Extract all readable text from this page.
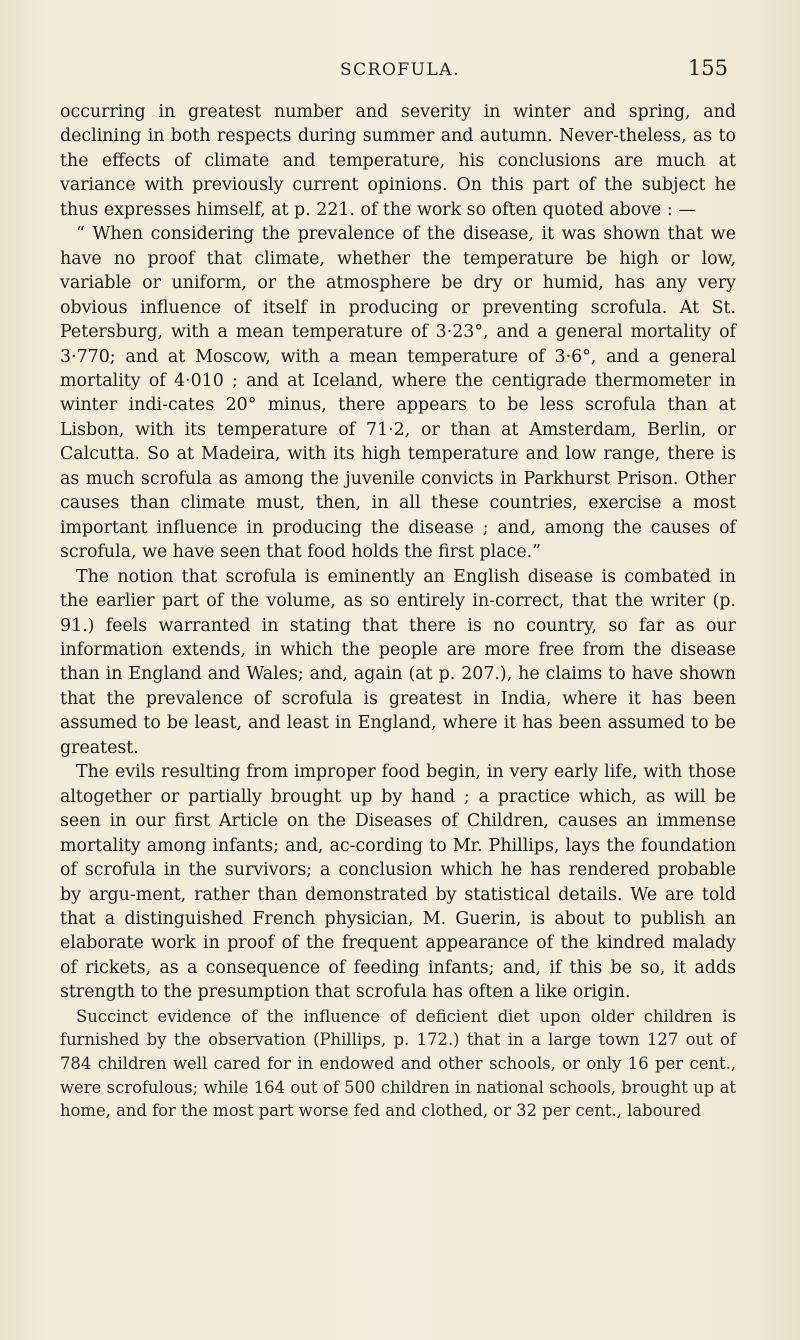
SCROFULA.	155

occurring in greatest number and severity in winter and spring, and declining in both respects during summer and autumn. Never-theless, as to the effects of climate and temperature, his conclusions are much at variance with previously current opinions. On this part of the subject he thus expresses himself, at p. 221. of the work so often quoted above : —

“ When considering the prevalence of the disease, it was shown that we have no proof that climate, whether the temperature be high or low, variable or uniform, or the atmosphere be dry or humid, has any very obvious influence of itself in producing or preventing scrofula. At St. Petersburg, with a mean temperature of 3·23°, and a general mortality of 3·770; and at Moscow, with a mean temperature of 3·6°, and a general mortality of 4·010 ; and at Iceland, where the centigrade thermometer in winter indi-cates 20° minus, there appears to be less scrofula than at Lisbon, with its temperature of 71·2, or than at Amsterdam, Berlin, or Calcutta. So at Madeira, with its high temperature and low range, there is as much scrofula as among the juvenile convicts in Parkhurst Prison. Other causes than climate must, then, in all these countries, exercise a most important influence in producing the disease ; and, among the causes of scrofula, we have seen that food holds the first place.”

The notion that scrofula is eminently an English disease is combated in the earlier part of the volume, as so entirely in-correct, that the writer (p. 91.) feels warranted in stating that there is no country, so far as our information extends, in which the people are more free from the disease than in England and Wales; and, again (at p. 207.), he claims to have shown that the prevalence of scrofula is greatest in India, where it has been assumed to be least, and least in England, where it has been assumed to be greatest.

The evils resulting from improper food begin, in very early life, with those altogether or partially brought up by hand ; a practice which, as will be seen in our first Article on the Diseases of Children, causes an immense mortality among infants; and, ac-cording to Mr. Phillips, lays the foundation of scrofula in the survivors; a conclusion which he has rendered probable by argu-ment, rather than demonstrated by statistical details. We are told that a distinguished French physician, M. Guerin, is about to publish an elaborate work in proof of the frequent appearance of the kindred malady of rickets, as a consequence of feeding infants; and, if this be so, it adds strength to the presumption that scrofula has often a like origin.

Succinct evidence of the influence of deficient diet upon older children is furnished by the observation (Phillips, p. 172.) that in a large town 127 out of 784 children well cared for in endowed and other schools, or only 16 per cent., were scrofulous; while 164 out of 500 children in national schools, brought up at home, and for the most part worse fed and clothed, or 32 per cent., laboured
